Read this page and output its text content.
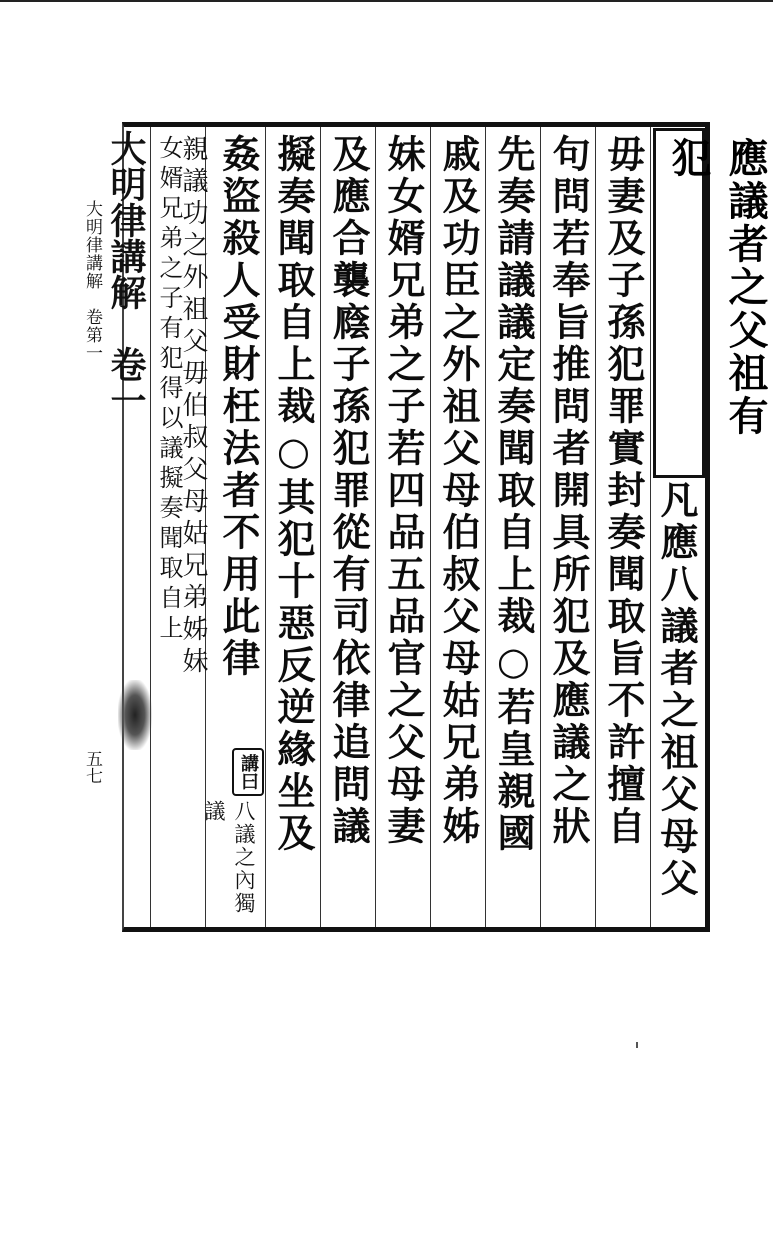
大明律講解　卷第一
五七
應議者之父祖有犯
凡應八議者之祖父母父
毋妻及子孫犯罪實封奏聞取旨不許擅自
句問若奉旨推問者開具所犯及應議之狀
先奏請議議定奏聞取自上裁○若皇親國
戚及功臣之外祖父母伯叔父母姑兄弟姊
妹女婿兄弟之子若四品五品官之父母妻
及應合襲廕子孫犯罪從有司依律追問議
擬奏聞取自上裁○其犯十惡反逆緣坐及
姦盜殺人受財枉法者不用此律
講曰
八議之內獨議
親議功之外祖父毋伯叔父母姑兄弟姊妹
女婿兄弟之子有犯得以議擬奏聞取自上
大明律講解　卷一
